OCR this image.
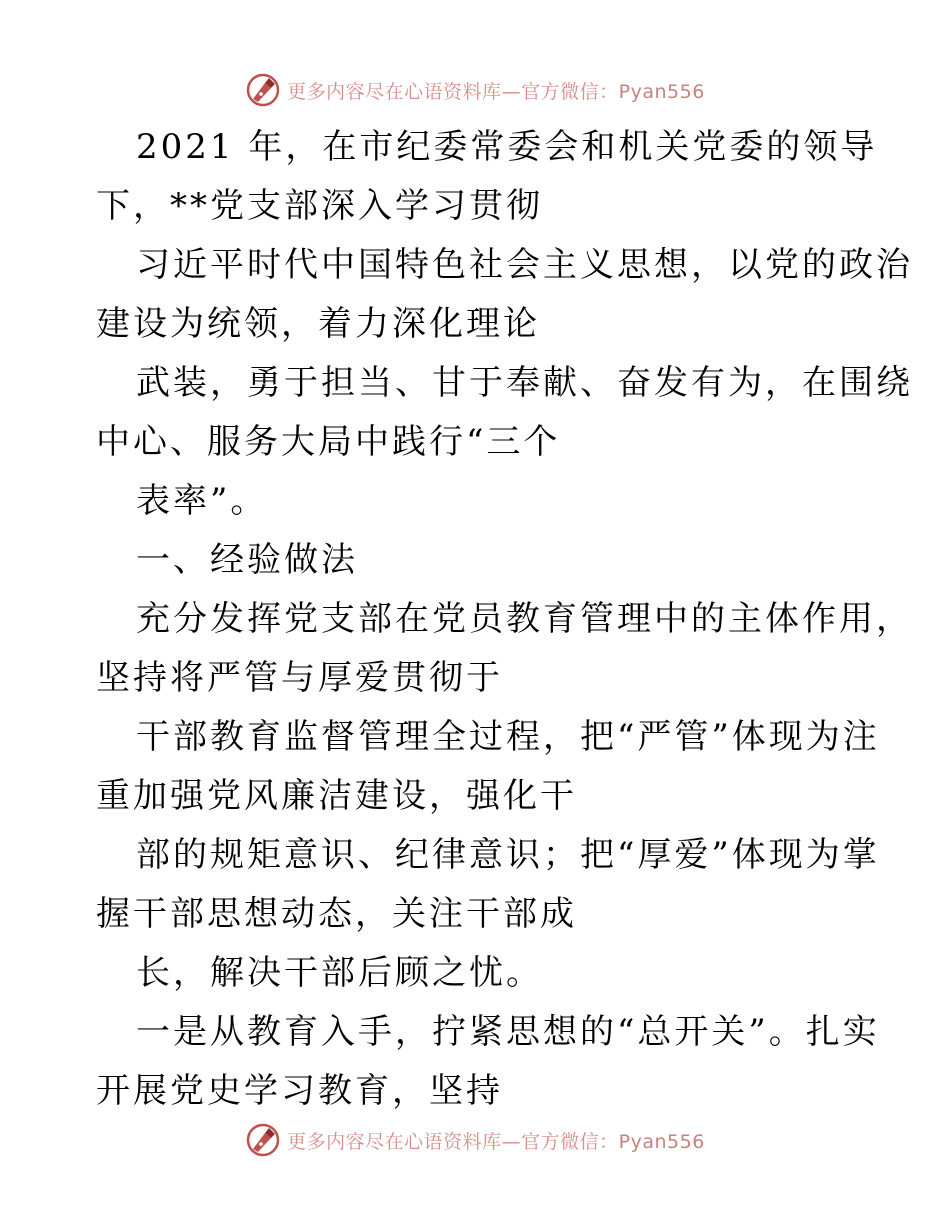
更多内容尽在心语资料库—官方微信：Pyan556

2021 年，在市纪委常委会和机关党委的领导

下，**党支部深入学习贯彻

习近平时代中国特色社会主义思想，以党的政治

建设为统领，着力深化理论

武装，勇于担当、甘于奉献、奋发有为，在围绕

中心、服务大局中践行“三个

表率”。

一、经验做法

充分发挥党支部在党员教育管理中的主体作用，

坚持将严管与厚爱贯彻于

干部教育监督管理全过程，把“严管”体现为注

重加强党风廉洁建设，强化干

部的规矩意识、纪律意识；把“厚爱”体现为掌

握干部思想动态，关注干部成

长，解决干部后顾之忧。

一是从教育入手，拧紧思想的“总开关”。扎实

开展党史学习教育，坚持

更多内容尽在心语资料库—官方微信：Pyan556
